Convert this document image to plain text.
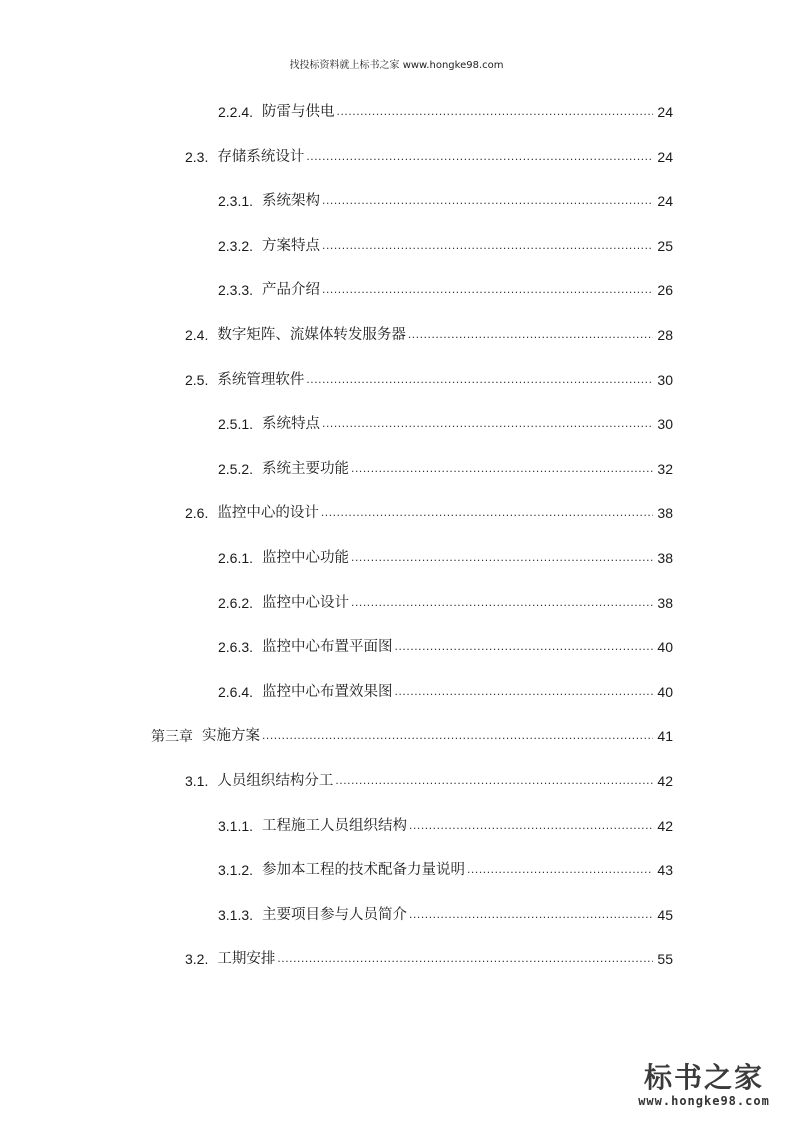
找投标资料就上标书之家 www.hongke98.com
2.2.4. 防雷与供电 .....	24
2.3. 存储系统设计 .....	24
2.3.1. 系统架构 .....	24
2.3.2. 方案特点 .....	25
2.3.3. 产品介绍 .....	26
2.4. 数字矩阵、流媒体转发服务器 .....	28
2.5. 系统管理软件 .....	30
2.5.1. 系统特点 .....	30
2.5.2. 系统主要功能 .....	32
2.6. 监控中心的设计 .....	38
2.6.1. 监控中心功能 .....	38
2.6.2. 监控中心设计 .....	38
2.6.3. 监控中心布置平面图 .....	40
2.6.4. 监控中心布置效果图 .....	40
第三章 实施方案 .....	41
3.1. 人员组织结构分工 .....	42
3.1.1. 工程施工人员组织结构 .....	42
3.1.2. 参加本工程的技术配备力量说明 .....	43
3.1.3. 主要项目参与人员简介 .....	45
3.2. 工期安排 .....	55
标书之家
www.hongke98.com
